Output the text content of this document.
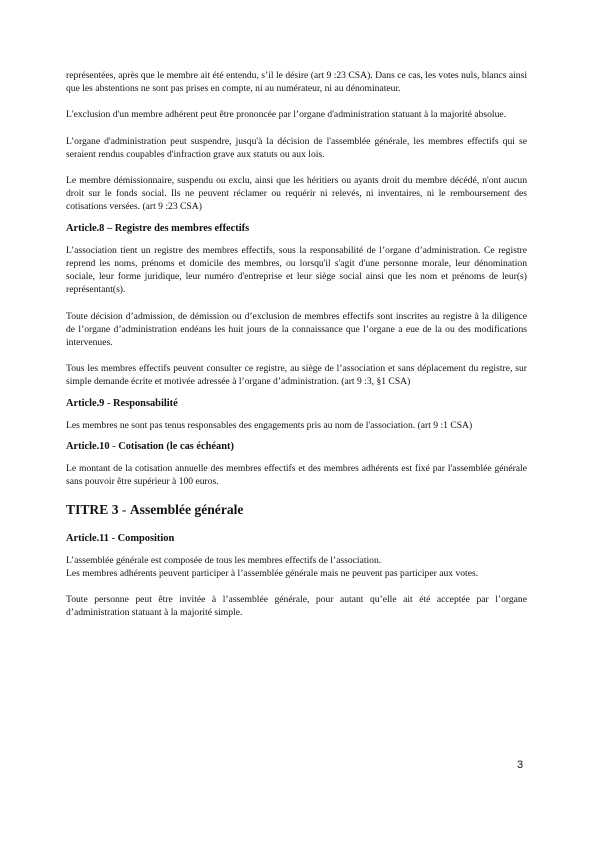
représentées, après que le membre ait été entendu, s’il le désire (art 9 :23 CSA). Dans ce cas, les votes nuls, blancs ainsi que les abstentions ne sont pas prises en compte, ni au numérateur, ni au dénominateur.

L'exclusion d'un membre adhérent peut être prononcée par l’organe d'administration statuant à la majorité absolue.

L’organe d'administration peut suspendre, jusqu'à la décision de l'assemblée générale, les membres effectifs qui se seraient rendus coupables d'infraction grave aux statuts ou aux lois.

Le membre démissionnaire, suspendu ou exclu, ainsi que les héritiers ou ayants droit du membre décédé, n'ont aucun droit sur le fonds social. Ils ne peuvent réclamer ou requérir ni relevés, ni inventaires, ni le remboursement des cotisations versées. (art 9 :23 CSA)

Article.8 – Registre des membres effectifs

L’association tient un registre des membres effectifs, sous la responsabilité de l’organe d’administration. Ce registre reprend les noms, prénoms et domicile des membres, ou lorsqu'il s'agit d'une personne morale, leur dénomination sociale, leur forme juridique, leur numéro d'entreprise et leur siège social ainsi que les nom et prénoms de leur(s) représentant(s).

Toute décision d’admission, de démission ou d’exclusion de membres effectifs sont inscrites au registre à la diligence de l’organe d’administration endéans les huit jours de la connaissance que l’organe a eue de la ou des modifications intervenues.

Tous les membres effectifs peuvent consulter ce registre, au siège de l’association et sans déplacement du registre, sur simple demande écrite et motivée adressée à l’organe d’administration. (art 9 :3, §1 CSA)

Article.9 - Responsabilité

Les membres ne sont pas tenus responsables des engagements pris au nom de l'association. (art 9 :1 CSA)

Article.10 - Cotisation (le cas échéant)

Le montant de la cotisation annuelle des membres effectifs et des membres adhérents est fixé par l'assemblée générale sans pouvoir être supérieur à 100 euros.

TITRE 3 - Assemblée générale
Article.11 - Composition

L’assemblée générale est composée de tous les membres effectifs de l’association.

Les membres adhérents peuvent participer à l’assemblée générale mais ne peuvent pas participer aux votes.

Toute personne peut être invitée à l’assemblée générale, pour autant qu’elle ait été acceptée par l’organe d’administration statuant à la majorité simple.

3
